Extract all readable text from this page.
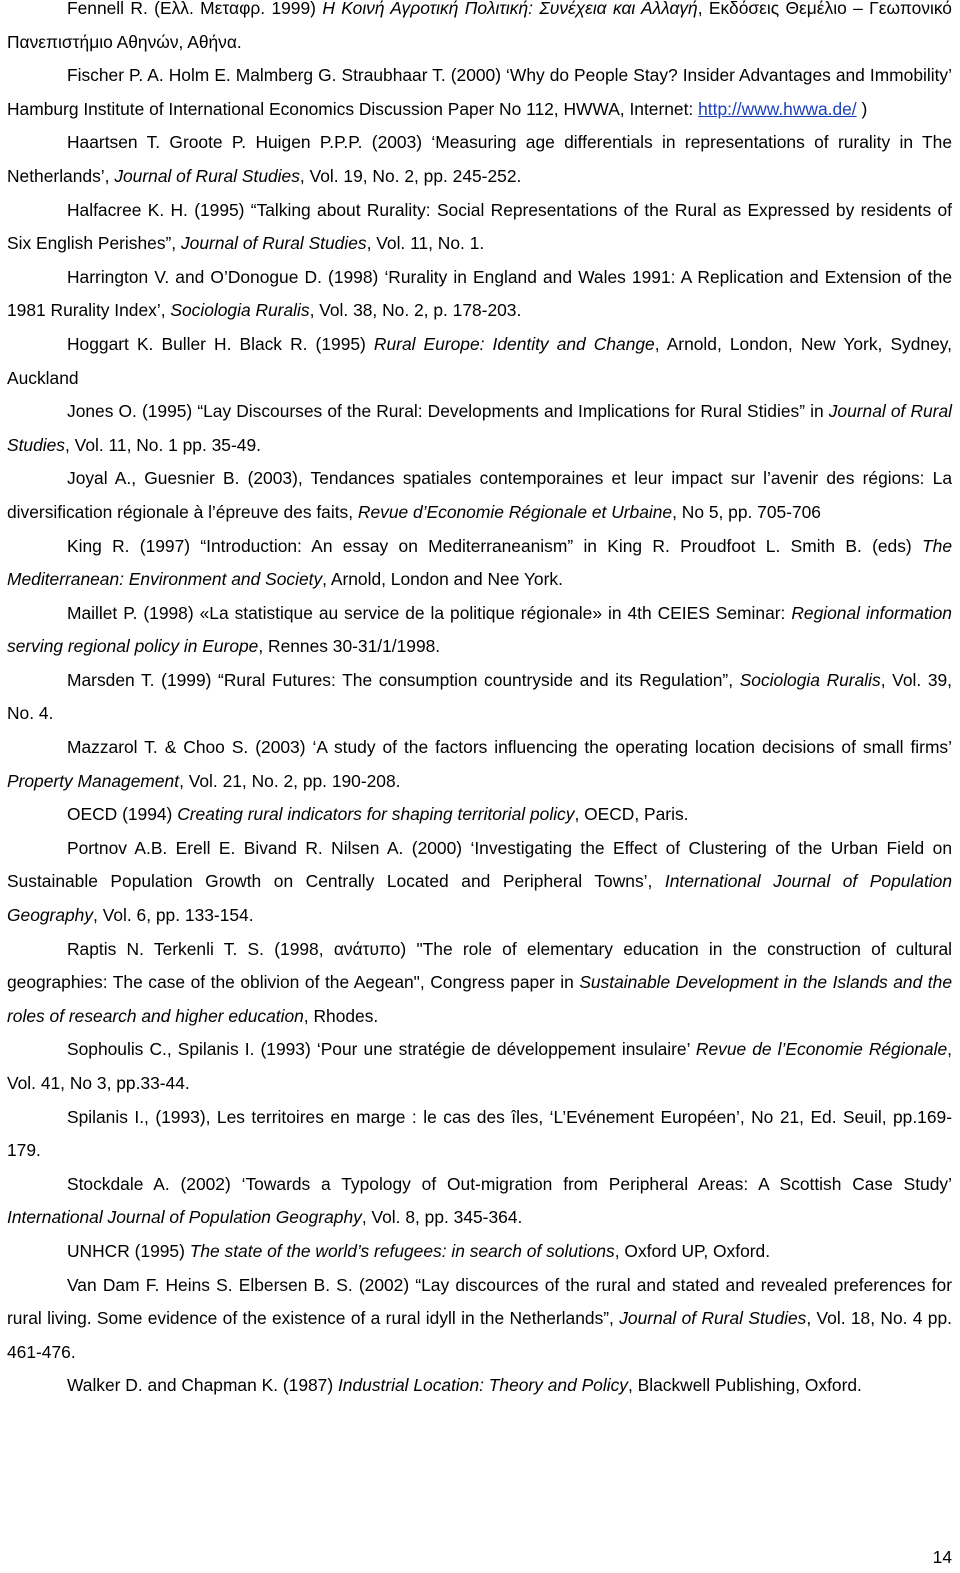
Fennell R. (Ελλ. Μεταφρ. 1999) Η Κοινή Αγροτική Πολιτική: Συνέχεια και Αλλαγή, Εκδόσεις Θεμέλιο – Γεωπονικό Πανεπιστήμιο Αθηνών, Αθήνα.

Fischer P. A. Holm E. Malmberg G. Straubhaar T. (2000) ‘Why do People Stay? Insider Advantages and Immobility’ Hamburg Institute of International Economics Discussion Paper No 112, HWWA, Internet: http://www.hwwa.de/ )

Haartsen T. Groote P. Huigen P.P.P. (2003) ‘Measuring age differentials in representations of rurality in The Netherlands’, Journal of Rural Studies, Vol. 19, No. 2, pp. 245-252.

Halfacree K. H. (1995) “Talking about Rurality: Social Representations of the Rural as Expressed by residents of Six English Perishes”, Journal of Rural Studies, Vol. 11, No. 1.

Harrington V. and O’Donogue D. (1998) ‘Rurality in England and Wales 1991: A Replication and Extension of the 1981 Rurality Index’, Sociologia Ruralis, Vol. 38, No. 2, p. 178-203.

Hoggart K. Buller H. Black R. (1995) Rural Europe: Identity and Change, Arnold, London, New York, Sydney, Auckland

Jones O. (1995) “Lay Discourses of the Rural: Developments and Implications for Rural Stidies” in Journal of Rural Studies, Vol. 11, No. 1 pp. 35-49.

Joyal A., Guesnier B. (2003), Tendances spatiales contemporaines et leur impact sur l’avenir des régions: La diversification régionale à l’épreuve des faits, Revue d’Economie Régionale et Urbaine, No 5, pp. 705-706

King R. (1997) “Introduction: An essay on Mediterraneanism” in King R. Proudfoot L. Smith B. (eds) The Mediterranean: Environment and Society, Arnold, London and Nee York.

Maillet P. (1998) «La statistique au service de la politique régionale» in 4th CEIES Seminar: Regional information serving regional policy in Europe, Rennes 30-31/1/1998.

Marsden T. (1999) “Rural Futures: The consumption countryside and its Regulation”, Sociologia Ruralis, Vol. 39, No. 4.

Mazzarol T. & Choo S. (2003) ‘A study of the factors influencing the operating location decisions of small firms’ Property Management, Vol. 21, No. 2, pp. 190-208.

OECD (1994) Creating rural indicators for shaping territorial policy, OECD, Paris.

Portnov A.B. Erell E. Bivand R. Nilsen A. (2000) ‘Investigating the Effect of Clustering of the Urban Field on Sustainable Population Growth on Centrally Located and Peripheral Towns’, International Journal of Population Geography, Vol. 6, pp. 133-154.

Raptis N. Terkenli T. S. (1998, ανάτυπο) "The role of elementary education in the construction of cultural geographies: The case of the oblivion of the Aegean", Congress paper in Sustainable Development in the Islands and the roles of research and higher education, Rhodes.

Sophoulis C., Spilanis I. (1993) ‘Pour une stratégie de développement insulaire’ Revue de l’Economie Régionale, Vol. 41, No 3, pp.33-44.

Spilanis I., (1993), Les territoires en marge : le cas des îles, ‘L’Evénement Européen’, No 21, Ed. Seuil, pp.169-179.

Stockdale A. (2002) ‘Towards a Typology of Out-migration from Peripheral Areas: A Scottish Case Study’ International Journal of Population Geography, Vol. 8, pp. 345-364.

UNHCR (1995) The state of the world’s refugees: in search of solutions, Oxford UP, Oxford.

Van Dam F. Heins S. Elbersen B. S. (2002) “Lay discources of the rural and stated and revealed preferences for rural living. Some evidence of the existence of a rural idyll in the Netherlands”, Journal of Rural Studies, Vol. 18, No. 4 pp. 461-476.

Walker D. and Chapman K. (1987) Industrial Location: Theory and Policy, Blackwell Publishing, Oxford.

14
